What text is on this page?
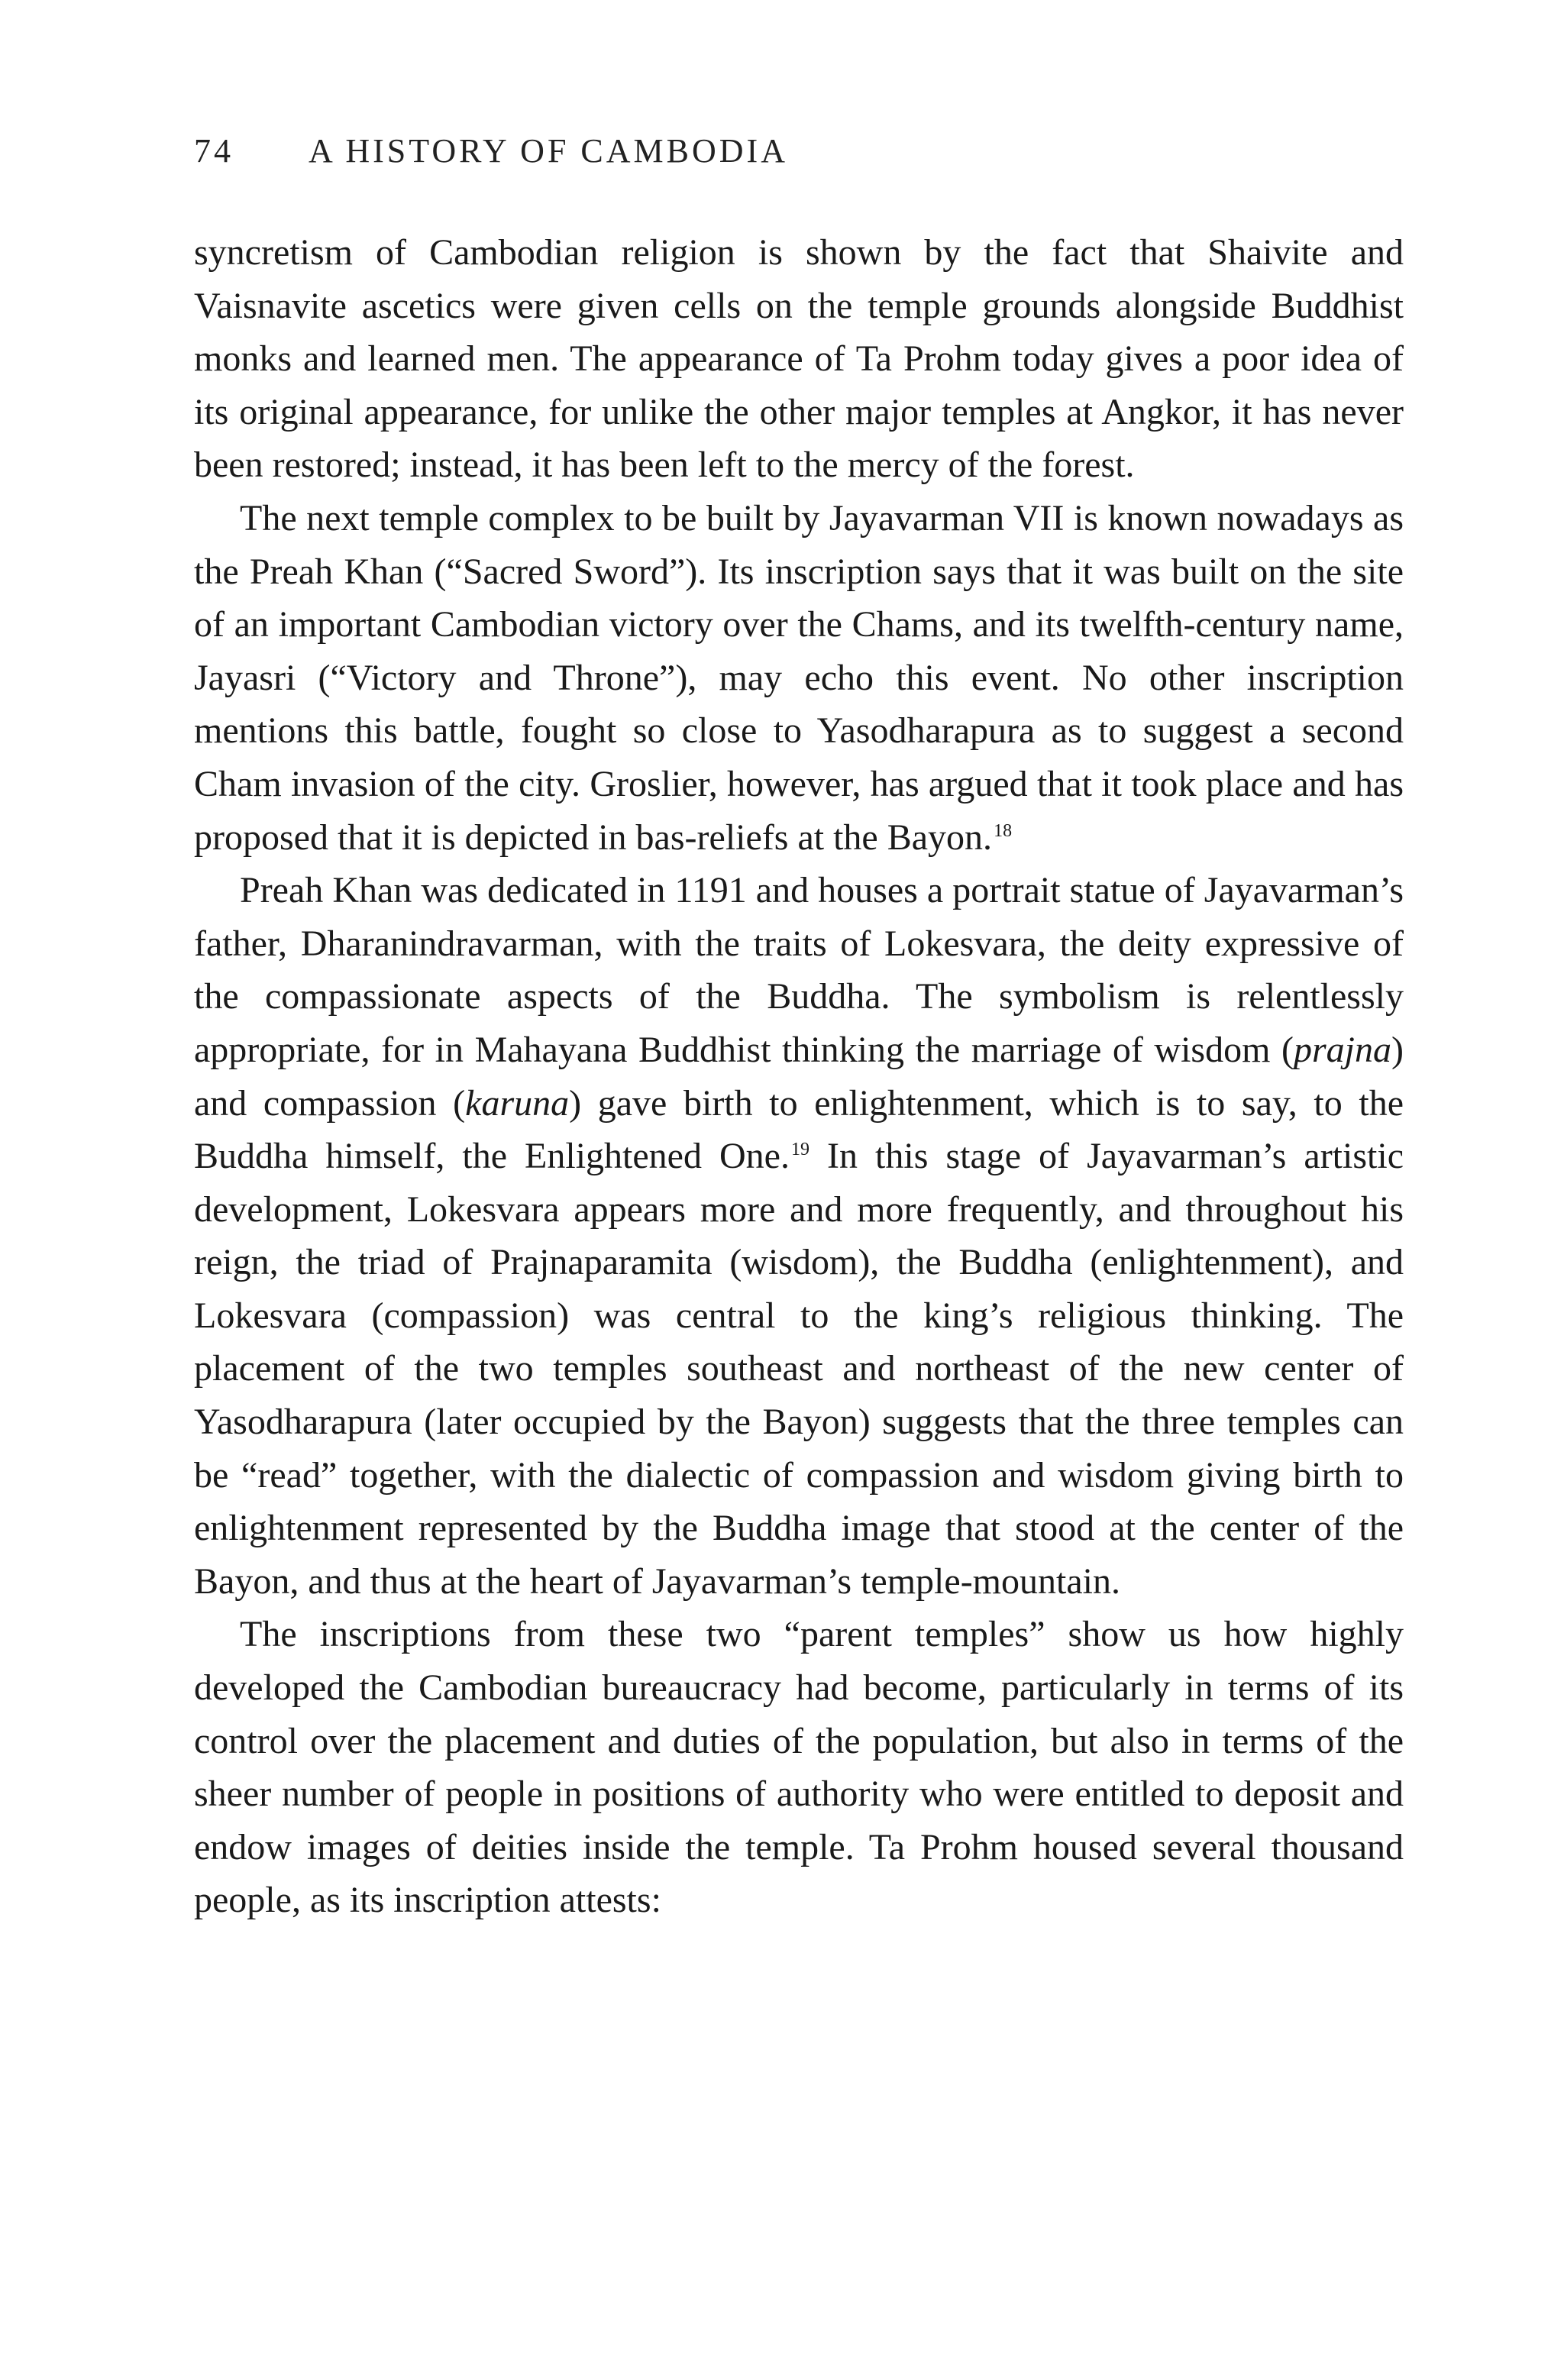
74 A HISTORY OF CAMBODIA

syncretism of Cambodian religion is shown by the fact that Shaivite and Vaisnavite ascetics were given cells on the temple grounds alongside Buddhist monks and learned men. The appearance of Ta Prohm today gives a poor idea of its original appearance, for unlike the other major temples at Angkor, it has never been restored; instead, it has been left to the mercy of the forest.

The next temple complex to be built by Jayavarman VII is known nowadays as the Preah Khan (“Sacred Sword”). Its inscription says that it was built on the site of an important Cambodian victory over the Chams, and its twelfth-century name, Jayasri (“Victory and Throne”), may echo this event. No other inscription mentions this battle, fought so close to Yasodharapura as to suggest a second Cham invasion of the city. Groslier, however, has argued that it took place and has proposed that it is depicted in bas-reliefs at the Bayon.$^{18}$

Preah Khan was dedicated in 1191 and houses a portrait statue of Jayavarman’s father, Dharanindravarman, with the traits of Lokesvara, the deity expressive of the compassionate aspects of the Buddha. The symbolism is relentlessly appropriate, for in Mahayana Buddhist thinking the marriage of wisdom (prajna) and compassion (karuna) gave birth to enlightenment, which is to say, to the Buddha himself, the Enlightened One.$^{19}$ In this stage of Jayavarman’s artistic development, Lokesvara appears more and more frequently, and throughout his reign, the triad of Prajnaparamita (wisdom), the Buddha (enlightenment), and Lokesvara (compassion) was central to the king’s religious thinking. The placement of the two temples southeast and northeast of the new center of Yasodharapura (later occupied by the Bayon) suggests that the three temples can be “read” together, with the dialectic of compassion and wisdom giving birth to enlightenment represented by the Buddha image that stood at the center of the Bayon, and thus at the heart of Jayavarman’s temple-mountain.

The inscriptions from these two “parent temples” show us how highly developed the Cambodian bureaucracy had become, particularly in terms of its control over the placement and duties of the population, but also in terms of the sheer number of people in positions of authority who were entitled to deposit and endow images of deities inside the temple. Ta Prohm housed several thousand people, as its inscription attests:
